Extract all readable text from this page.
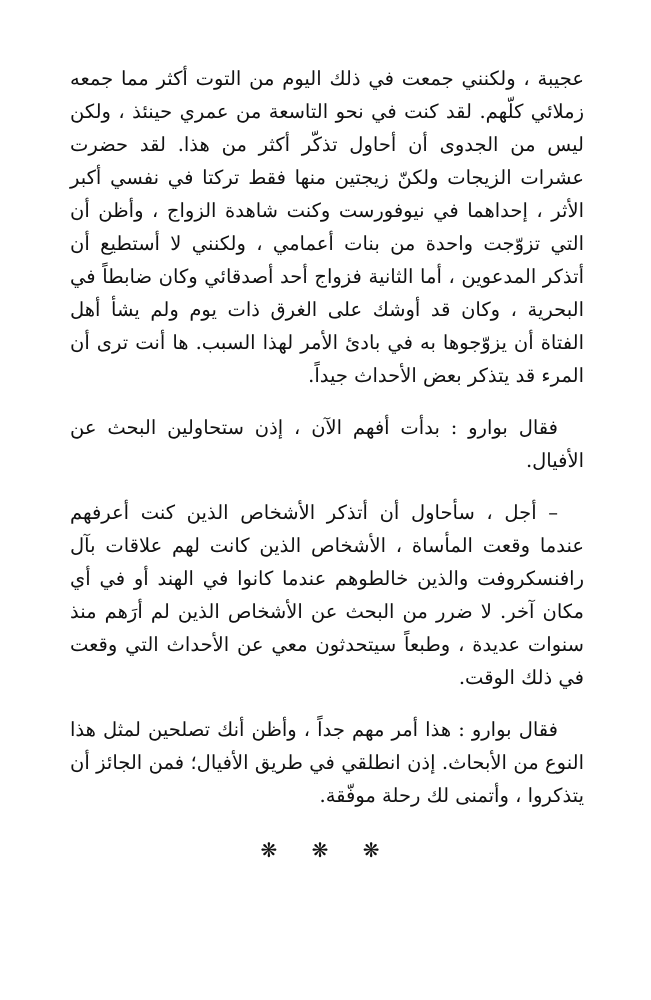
عجيبة ، ولكنني جمعت في ذلك اليوم من التوت أكثر مما جمعه زملائي كلّهم. لقد كنت في نحو التاسعة من عمري حينئذ ، ولكن ليس من الجدوى أن أحاول تذكّر أكثر من هذا. لقد حضرت عشرات الزيجات ولكنّ زيجتين منها فقط تركتا في نفسي أكبر الأثر ، إحداهما في نيوفورست وكنت شاهدة الزواج ، وأظن أن التي تزوّجت واحدة من بنات أعمامي ، ولكنني لا أستطيع أن أتذكر المدعوين ، أما الثانية فزواج أحد أصدقائي وكان ضابطاً في البحرية ، وكان قد أوشك على الغرق ذات يوم ولم يشأ أهل الفتاة أن يزوّجوها به في بادئ الأمر لهذا السبب. ها أنت ترى أن المرء قد يتذكر بعض الأحداث جيداً.

فقال بوارو : بدأت أفهم الآن ، إذن ستحاولين البحث عن الأفيال.

– أجل ، سأحاول أن أتذكر الأشخاص الذين كنت أعرفهم عندما وقعت المأساة ، الأشخاص الذين كانت لهم علاقات بآل رافنسكروفت والذين خالطوهم عندما كانوا في الهند أو في أي مكان آخر. لا ضرر من البحث عن الأشخاص الذين لم أرَهم منذ سنوات عديدة ، وطبعاً سيتحدثون معي عن الأحداث التي وقعت في ذلك الوقت.

فقال بوارو : هذا أمر مهم جداً ، وأظن أنك تصلحين لمثل هذا النوع من الأبحاث. إذن انطلقي في طريق الأفيال؛ فمن الجائز أن يتذكروا ، وأتمنى لك رحلة موفّقة.

❋ ❋ ❋
